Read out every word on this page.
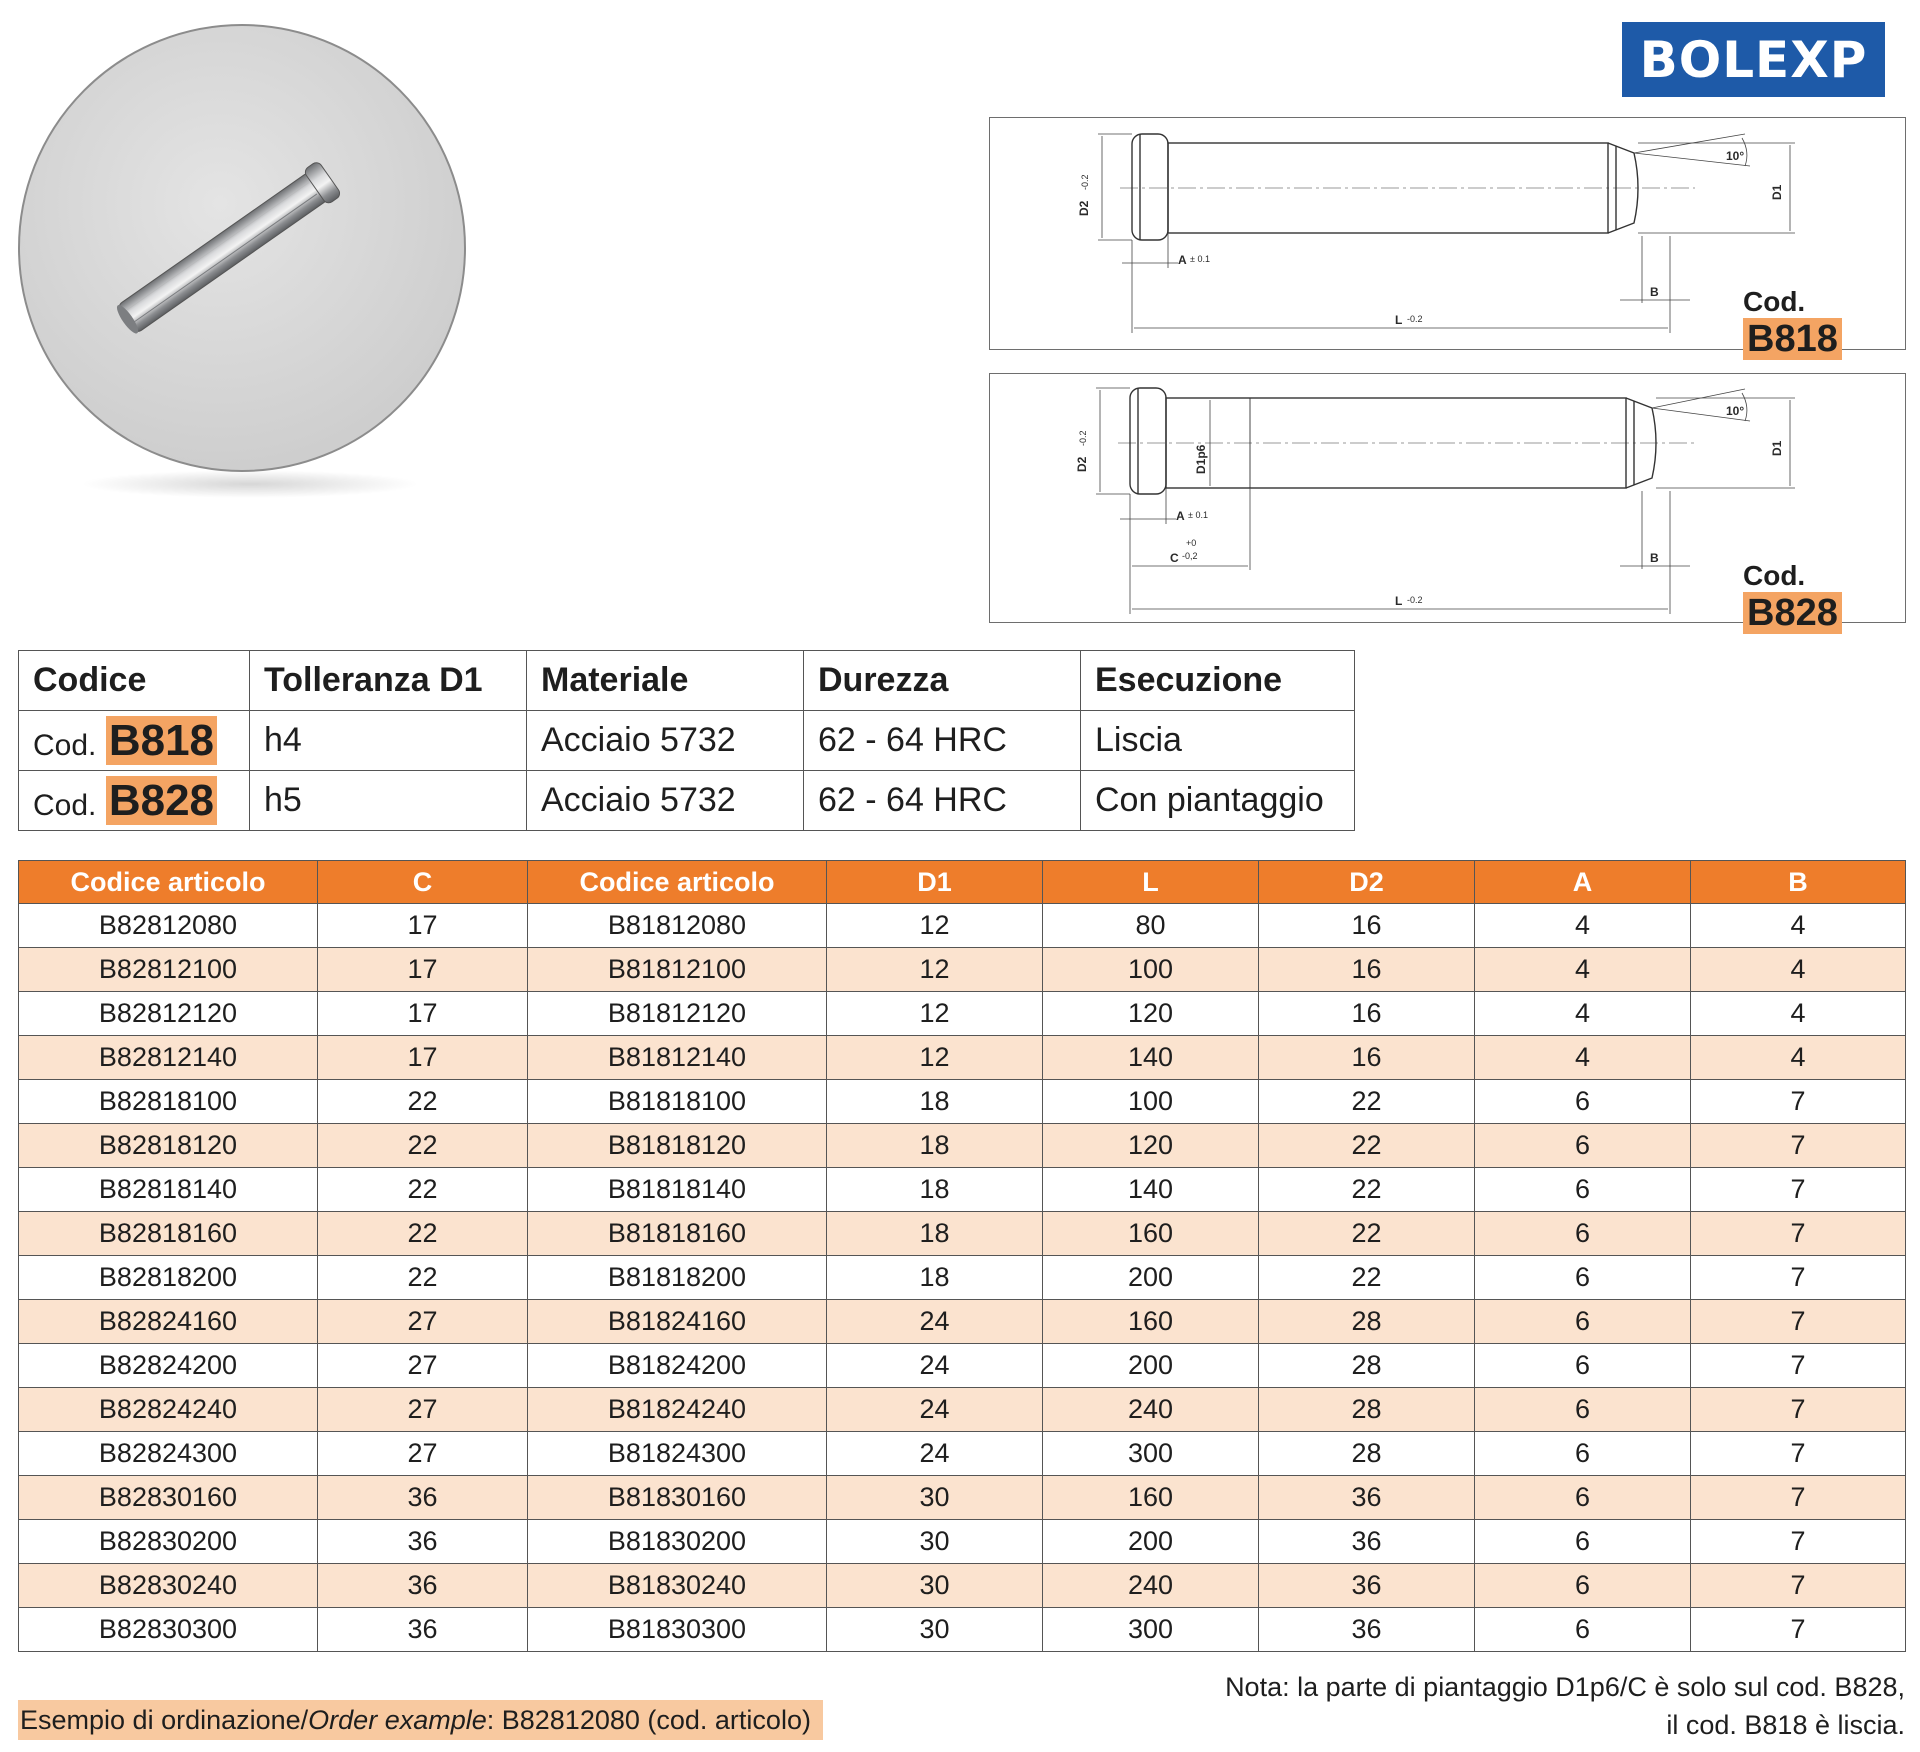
BOLEXP
D2
-0.2
D1
A ± 0.1
L -0.2
B
10°
Cod. B818
D2
-0.2
D1p6	D1
A ± 0.1
C
+0
-0,2
L -0.2
B
10°
Cod. B828
Codice	Tolleranza D1	Materiale	Durezza	Esecuzione
Cod. B818	h4	Acciaio 5732	62 - 64 HRC	Liscia
Cod. B828	h5	Acciaio 5732	62 - 64 HRC	Con piantaggio
Codice articolo	C	Codice articolo	D1	L	D2	A	B
B82812080	17	B81812080	12	80	16	4	4
B82812100	17	B81812100	12	100	16	4	4
B82812120	17	B81812120	12	120	16	4	4
B82812140	17	B81812140	12	140	16	4	4
B82818100	22	B81818100	18	100	22	6	7
B82818120	22	B81818120	18	120	22	6	7
B82818140	22	B81818140	18	140	22	6	7
B82818160	22	B81818160	18	160	22	6	7
B82818200	22	B81818200	18	200	22	6	7
B82824160	27	B81824160	24	160	28	6	7
B82824200	27	B81824200	24	200	28	6	7
B82824240	27	B81824240	24	240	28	6	7
B82824300	27	B81824300	24	300	28	6	7
B82830160	36	B81830160	30	160	36	6	7
B82830200	36	B81830200	30	200	36	6	7
B82830240	36	B81830240	30	240	36	6	7
B82830300	36	B81830300	30	300	36	6	7
Nota: la parte di piantaggio D1p6/C è solo sul cod. B828,
il cod. B818 è liscia.
Esempio di ordinazione/Order example: B82812080 (cod. articolo)
